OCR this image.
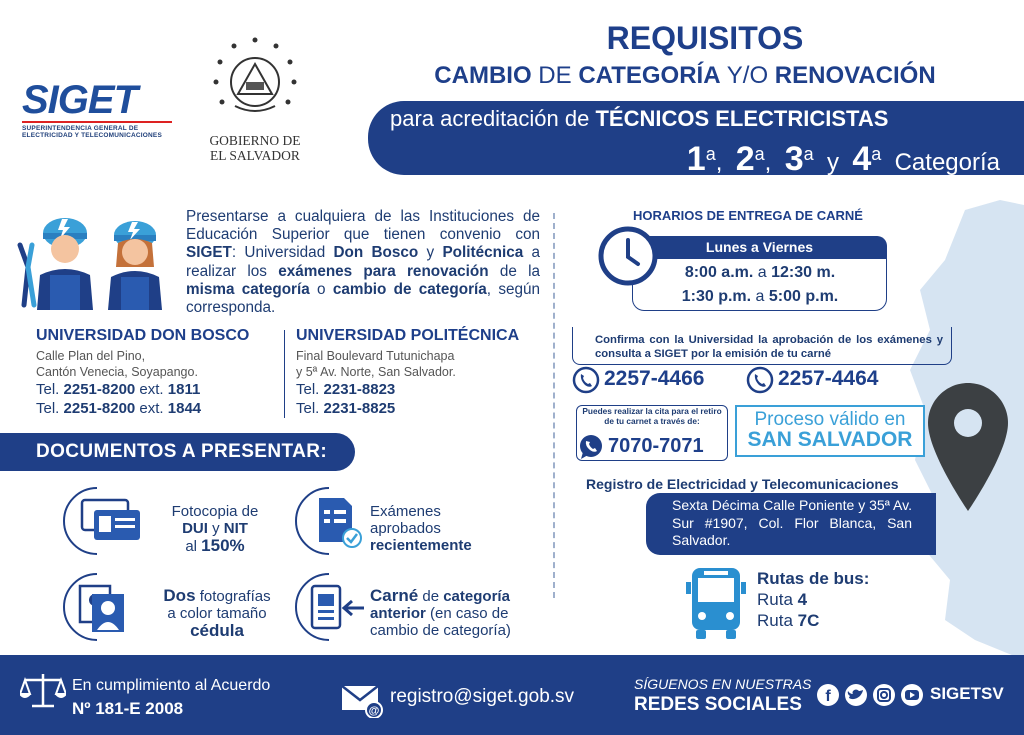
SIGET
SUPERINTENDENCIA GENERAL DE
ELECTRICIDAD Y TELECOMUNICACIONES	GOBIERNO DE
EL SALVADOR
REQUISITOS
CAMBIO DE CATEGORÍA Y/O RENOVACIÓN
para acreditación de TÉCNICOS ELECTRICISTAS
1$^a$, 2$^a$, 3$^a$ y 4$^a$ Categoría
Presentarse a cualquiera de las Instituciones de Educación Superior que tienen convenio con SIGET: Universidad Don Bosco y Politécnica a realizar los exámenes para renovación de la misma categoría o cambio de categoría, según corresponda.
UNIVERSIDAD DON BOSCO
Calle Plan del Pino,
Cantón Venecia, Soyapango.
Tel. 2251-8200 ext. 1811
Tel. 2251-8200 ext. 1844
UNIVERSIDAD POLITÉCNICA
Final Boulevard Tutunichapa
y 5ª Av. Norte, San Salvador.
Tel. 2231-8823
Tel. 2231-8825
DOCUMENTOS A PRESENTAR:
Fotocopia de
DUI y NIT
al 150%
Exámenes
aprobados
recientemente
Dos fotografías
a color tamaño
cédula
Carné de categoría
anterior (en caso de
cambio de categoría)
HORARIOS DE ENTREGA DE CARNÉ
Lunes a Viernes
8:00 a.m. a 12:30 m.
1:30 p.m. a 5:00 p.m.
Confirma con la Universidad la aprobación de los exámenes y consulta a SIGET por la emisión de tu carné
2257-4466	2257-4464
Puedes realizar la cita para el retiro de tu carnet a través de:
7070-7071
Proceso válido en
SAN SALVADOR
Registro de Electricidad y Telecomunicaciones
Sexta Décima Calle Poniente y 35ª Av. Sur #1907, Col. Flor Blanca, San Salvador.
Rutas de bus:
Ruta 4
Ruta 7C
En cumplimiento al Acuerdo
Nº 181-E 2008	@
registro@siget.gob.sv
SÍGUENOS EN NUESTRAS
REDES SOCIALES f	SIGETSV
